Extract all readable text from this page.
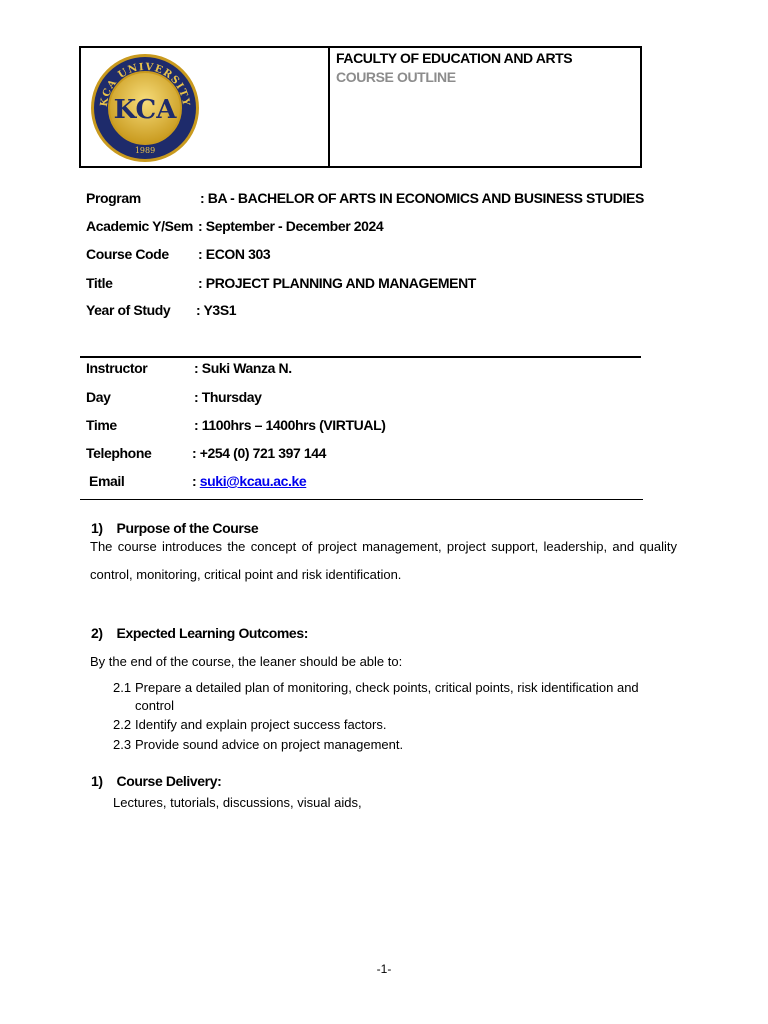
KCA UNIVERSITY
KCA
1989
FACULTY OF EDUCATION AND ARTS
COURSE OUTLINE
Program	: BA - BACHELOR OF ARTS IN ECONOMICS AND BUSINESS STUDIES
Academic Y/Sem : September - December 2024
Course Code : ECON 303
Title	: PROJECT PLANNING AND MANAGEMENT
Year of Study : Y3S1
Instructor	: Suki Wanza N.
Day	: Thursday
Time	: 1100hrs – 1400hrs (VIRTUAL)
Telephone	: +254 (0) 721 397 144
Email	: suki@kcau.ac.ke
1) Purpose of the Course
The course introduces the concept of project management, project support, leadership, and quality control, monitoring, critical point and risk identification.
2) Expected Learning Outcomes:
By the end of the course, the leaner should be able to:
2.1 Prepare a detailed plan of monitoring, check points, critical points, risk identification and
control
2.2 Identify and explain project success factors.
2.3 Provide sound advice on project management.
1) Course Delivery:
Lectures, tutorials, discussions, visual aids,
-1-
